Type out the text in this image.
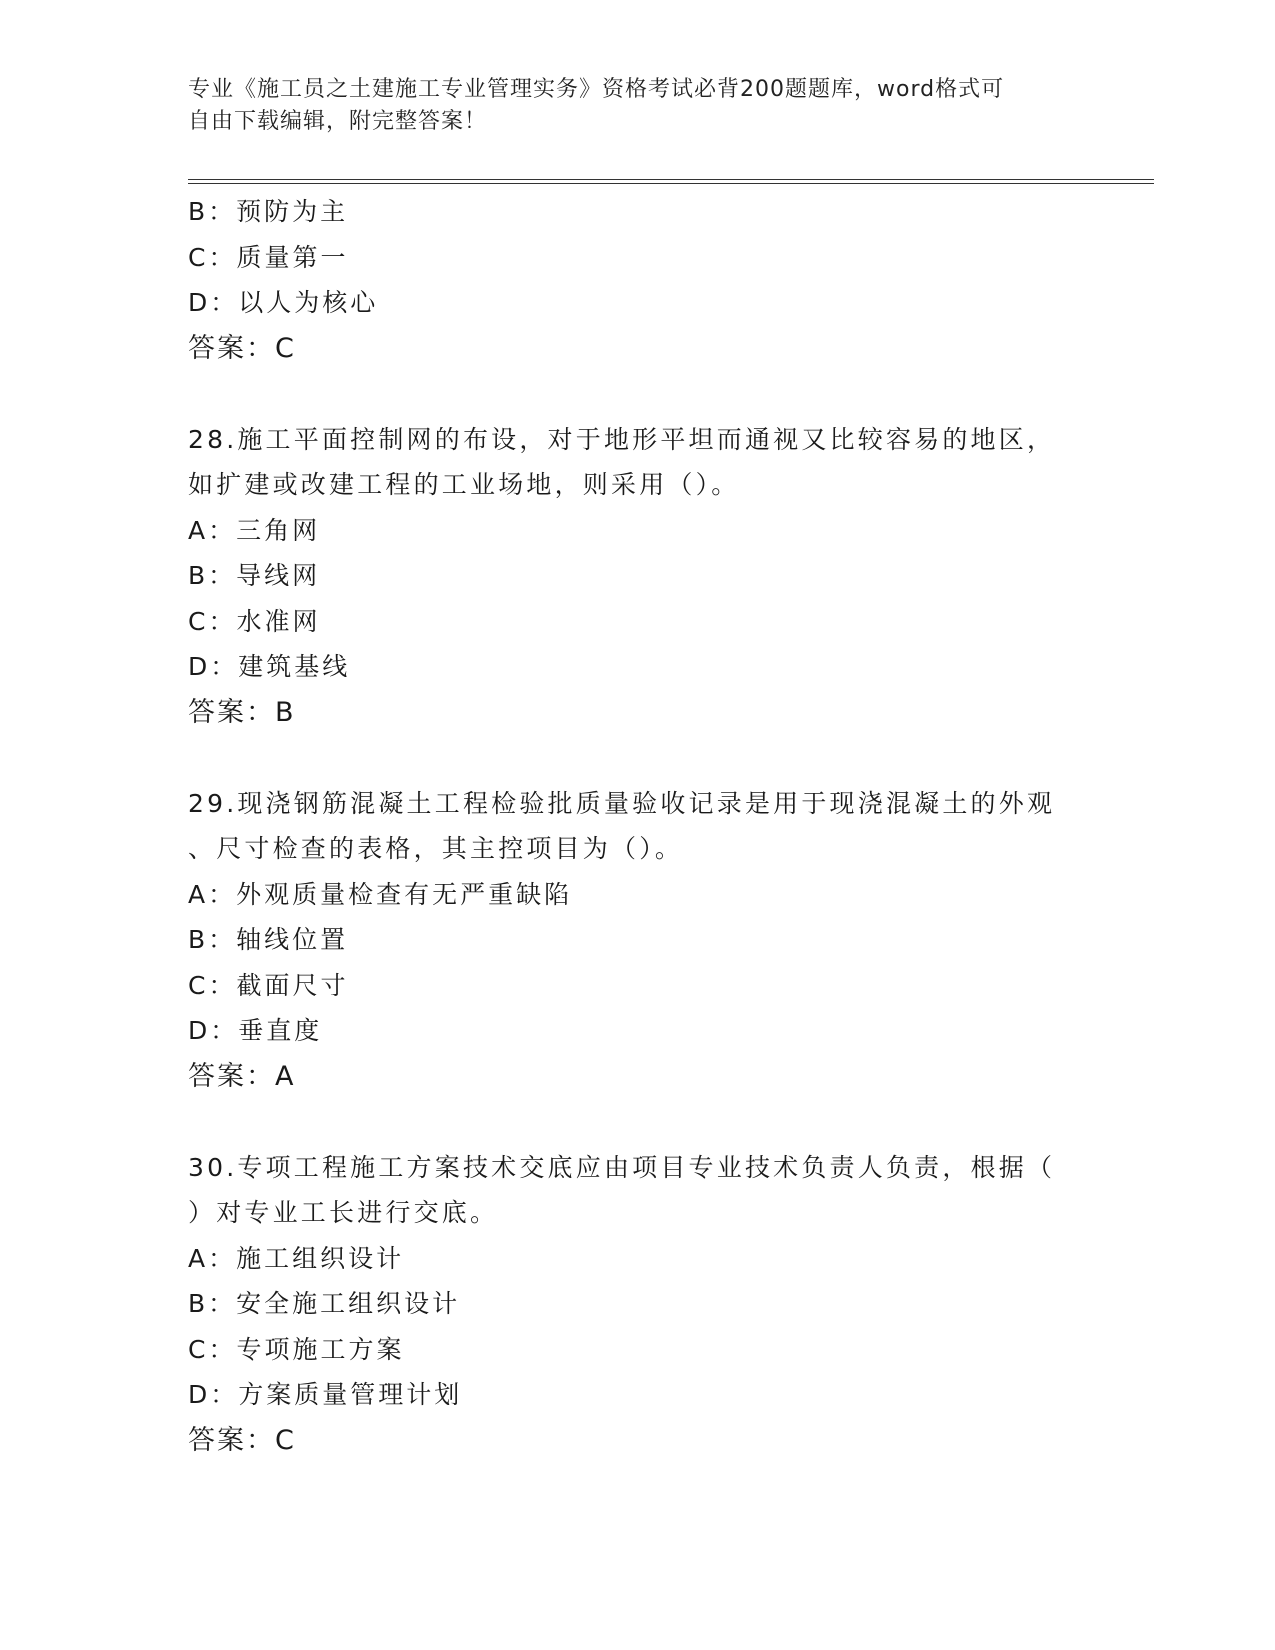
专业《施工员之土建施工专业管理实务》资格考试必背200题题库，word格式可
自由下载编辑，附完整答案！
B：预防为主
C：质量第一
D：以人为核心
答案：C
28.施工平面控制网的布设，对于地形平坦而通视又比较容易的地区，
如扩建或改建工程的工业场地，则采用（）。
A：三角网
B：导线网
C：水准网
D：建筑基线
答案：B
29.现浇钢筋混凝土工程检验批质量验收记录是用于现浇混凝土的外观
、尺寸检查的表格，其主控项目为（）。
A：外观质量检查有无严重缺陷
B：轴线位置
C：截面尺寸
D：垂直度
答案：A
30.专项工程施工方案技术交底应由项目专业技术负责人负责，根据（
）对专业工长进行交底。
A：施工组织设计
B：安全施工组织设计
C：专项施工方案
D：方案质量管理计划
答案：C
